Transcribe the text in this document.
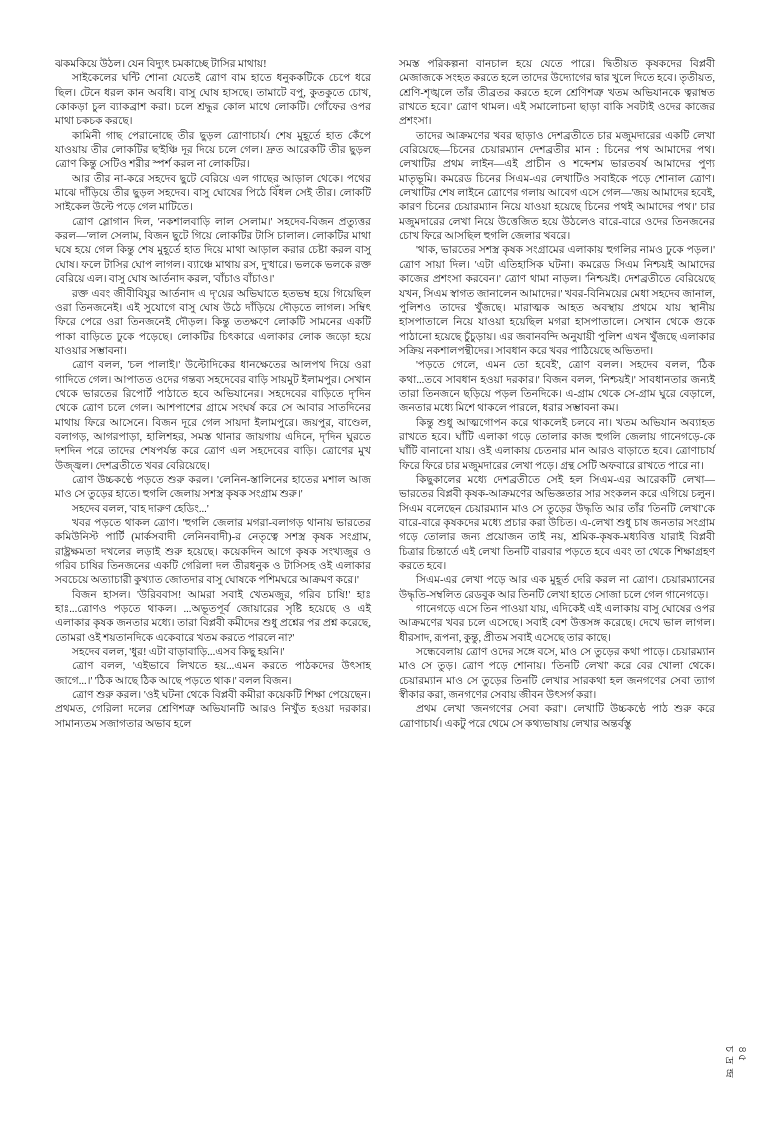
ঝকমকিয়ে উঠল। যেন বিদ্যুৎ চমকাচ্ছে টাসির মাথায়!

সাইকেলের ঘন্টি শোনা যেতেই ত্রোণ বাম হাতে ধনুককটিকে চেপে ধরে ছিল। টেনে ধরল কান অবধি। বাসু ঘোষ হাসছে। তামাটে বপু, কুতকুতে চোখ, কোকড়া চুল ব্যাকব্রাশ করা। চলে শ্রদ্ধুর কোল মাথে লোকটি। গোঁফের ওপর মাথা চকচক করছে।

কামিনী গাছ পেরানোছে তীর ছুড়ল ত্রোণাচার্য। শেষ মুহূর্তে হাত কেঁপে যাওয়ায় তীর লোকটির ছ'ইঞ্চি দূর দিয়ে চলে গেল। দ্রুত আরেকটি তীর ছুড়ল ত্রোণ কিন্তু সেটিও শরীর স্পর্শ করল না লোকটির।

আর তীর না-করে সহদেব ছুটে বেরিয়ে এল গাছের আড়াল থেকে। পথের মাঝে দাঁড়িয়ে তীর ছুড়ল সহদেব। বাসু ঘোষের পিঠে বিঁধল সেই তীর। লোকটি সাইকেল উল্টে পড়ে গেল মাটিতে।

ত্রোণ স্লোগান দিল, 'নকশালবাড়ি লাল সেলাম।' সহদেব-বিজন প্রত্যুত্তর করল—'লাল সেলাম, বিজন ছুটে গিয়ে লোকটির টাসি চালাল। লোকটির মাথা ঘষে হয়ে গেল কিন্তু শেষ মুহূর্তে হাত দিয়ে মাথা আড়াল করার চেষ্টা করল বাসু ঘোষ। ফলে টাসির ঘোপ লাগল। ব্যাঞ্চে মাথায় রস, দু'ধারে। ভলকে ভলকে রক্ত বেরিয়ে এল। বাসু ঘোষ আর্তনাদ করল, 'বাঁচাও বাঁচাও।'

রক্ত এবং জীবীবিযুর আর্তনাদ এ দৃ'য়ের অভিঘাতে হতভম্ব হয়ে গিয়েছিল ওরা তিনজনেই। এই সুযোগে বাসু ঘোষ উঠে দাঁড়িয়ে দৌড়তে লাগল। সম্বিৎ ফিরে পেরে ওরা তিনজনেই দৌড়ল। কিন্তু ততক্ষণে লোকটি সামনের একটি পাকা বাড়িতে ঢুকে পড়েছে। লোকটির চিৎকারে এলাকার লোক জড়ো হয়ে যাওয়ার সম্ভাবনা।

ত্রোণ বলল, 'চল পালাই।' উল্টোদিকের ধানক্ষেতের আলপথ দিয়ে ওরা গাদিতে গেল। আপাতত ওদের গন্তব্য সহদেবের বাড়ি সায়মুট ইলামপুর। সেখান থেকে ভারতের রিপোর্ট পাঠাতে হবে অভিযানের। সহদেবের বাড়িতে দৃ'দিন থেকে ত্রোণ চলে গেল। আশপাশের গ্রামে সংঘর্ষ করে সে আবার সাতদিনের মাথায় ফিরে আসেনে। বিজন দূরে গেল সায়দা ইলামপুরে। জয়পুর, বাণ্ডেল, বলাগড়, আগরপাড়া, হালিশহর, সমস্ত থানার জায়গায় এদিনে, দৃ'দিন ঘুরতে দশদিন পরে তাদের শেষপর্যন্ত করে ত্রোণ এল সহদেবের বাড়ি। ত্রোণের মুখ উজ্জ্বল। দেশব্রতীতে খবর বেরিয়েছে।

ত্রোণ উচ্চকণ্ঠে পড়তে শুরু করল। 'লেনিন-স্তালিনের হাতের মশাল আজ মাও সে তুড়ের হাতে। হুগলি জেলায় সশস্ত্র কৃষক সংগ্রাম শুরু।'

সহদেব বলল, 'বাহ দারুণ হেডিং...'

খবর পড়তে থাকল ত্রোণ। 'হুগলি জেলার মগরা-বলাগড় থানায় ভারতের কমিউনিস্ট পার্টি (মার্কসবাদী লেনিনবাদী)-র নেতৃত্বে সশস্ত্র কৃষক সংগ্রাম, রাষ্ট্রক্ষমতা দখলের লড়াই শুরু হয়েছে। কয়েকদিন আগে কৃষক সংখ্যজুর ও গরিব চাষির তিনজনের একটি গেরিলা দল তীরধনুক ও টাসিসহ ওই এলাকার সবচেয়ে অত্যাচারী কুখ্যাত জোতদার বাসু ঘোষকে পশিমঘরে আক্রমণ করে।'

বিজন হাসল। 'উরিববাস! আমরা সবাই খেতমজুর, গরিব চাষি!' হাঃ হাঃ...ত্রোণও পড়তে থাকল। ...অভূতপূর্ব জোয়ারের সৃষ্টি হয়েছে ও এই এলাকার কৃষক জনতার মধ্যে। তারা বিপ্লবী কমীদের শুধু প্রশ্নের পর প্রশ্ন করেছে, তোমরা ওই শয়তানদিকে একেবারে খতম করতে পারলে না?'

সহদেব বলল, 'ধুর! এটা বাড়াবাড়ি...এসব কিছু হয়নি।'

ত্রোণ বলল, 'এইভাবে লিখতে হয়...এমন করতে পাঠকদের উৎসাহ জাগে...।' 'ঠিক আছে ঠিক আছে পড়তে থাক।' বলল বিজন।

ত্রোণ শুরু করল। 'ওই ঘটনা থেকে বিপ্লবী কমীরা কয়েকটি শিক্ষা পেয়েছেন। প্রথমত, গেরিলা দলের শ্রেণিশত্রু অভিযানটি আরও নিখুঁত হওয়া দরকার। সামান্যতম সজাগতার অভাব হলে

সমস্ত পরিকল্পনা বানচাল হয়ে যেতে পারে। দ্বিতীয়ত কৃষকদের বিপ্লবী মেজাজকে সংহত করতে হলে তাদের উদ্যোগের দ্বার খুলে দিতে হবে। তৃতীয়ত, শ্রেণি-শৃঙ্খলে তাঁর তীব্রতর করতে হলে শ্রেণিশত্রু খতম অভিযানকে ত্বরাম্বত রাখতে হবে।' ত্রোণ থামল। এই সমালোচনা ছাড়া বাকি সবটাই ওদের কাজের প্রশংসা।

তাদের আক্রমণের খবর ছাড়াও দেশব্রতীতে চার মজুমদারের একটি লেখা বেরিয়েছে—চিনের চেয়ারম্যান দেশব্রতীর মান : চিনের পথ আমাদের পথ। লেখাটির প্রথম লাইন—এই প্রাচীন ও শব্দেশম ভারতবর্ষ আমাদের পুণ্য মাতৃভূমি। কমরেড চিনের সিএম-এর লেখাটিও সবাইকে পড়ে শোনাল ত্রোণ। লেখাটির শেষ লাইনে ত্রোণের গলায় আবেগ এসে গেল—'জয় আমাদের হবেই, কারণ চিনের চেয়ারম্যান নিয়ে যাওয়া হয়েছে চিনের পথই আমাদের পথ।' চার মজুমদারের লেখা নিয়ে উত্তেজিত হয়ে উঠলেও বারে-বারে ওদের তিনজনের চোখ ফিরে আসছিল হুগলি জেলার খবরে।

'থাক, ভারতের সশস্ত্র কৃষক সংগ্রামের এলাকায় হুগলির নামও ঢুকে পড়ল।' ত্রোণ সায়া দিল। 'এটা এতিহাসিক ঘটনা। কমরেড সিএম নিশ্চয়ই আমাদের কাজের প্রশংসা করবেন।' ত্রোণ থামা নাড়ল। 'নিশ্চয়ই। দেশব্রতীতে বেরিয়েছে যখন, সিএম স্বাগত জানালেন আমাদের।' খবর-বিনিময়ের মেধা সহদেব জানাল, পুলিশও তাদের খুঁজছে। মারাত্মক আহত অবস্থায় প্রথমে যায় স্থানীয় হাসপাতালে নিয়ে যাওয়া হয়েছিল মগরা হাসপাতালে। সেখান থেকে গুকে পাঠানো হয়েছে চুঁচুড়ায়। এর জবানবন্দি অনুযায়ী পুলিশ এখন খুঁজছে এলাকার সক্রিয় নকশালপন্থীদের। সাবধান করে খবর পাঠিয়েছে অভিতদা।

'পড়তে গেলে, এমন তো হবেই', ত্রোণ বলল। সহদেব বলল, 'ঠিক কথা...তবে সাবধান হওয়া দরকার।' বিজন বলল, 'নিশ্চয়ই।' সাবধানতার জন্যই তারা তিনজনে ছড়িয়ে পড়ল তিনদিকে। এ-গ্রাম থেকে সে-গ্রাম ঘুরে বেড়ালে, জনতার মধ্যে মিশে থাকলে পারলে, ধরার সম্ভাবনা কম।

কিন্তু শুধু আত্মগোপন করে থাকলেই চলবে না। খতম অভিযান অব্যাহত রাখতে হবে। ঘাঁটি এলাকা গড়ে তোলার কাজ হুগলি জেলায় গানেগড়ে-কে ঘাঁটি বানানো যায়। ওই এলাকায় চেতনার মান আরও বাড়াতে হবে। ত্রোণাচার্য ফিরে ফিরে চার মজুমদারের লেখা পড়ে। গ্রন্থ সেটি অফবারে রাখতে পারে না।

কিছুকালের মধ্যে দেশব্রতীতে সেই হল সিএম-এর আরেকটি লেখা—ভারতের বিপ্লবী কৃষক-আক্রমণের অভিজ্ঞতার সার সংকলন করে এগিয়ে চলুন। সিএম বলেছেন চেয়ারম্যান মাও সে তুড়ের উদ্ধৃতি আর তাঁর 'তিনটি লেখা'কে বারে-বারে কৃষকদের মধ্যে প্রচার করা উচিত। এ-লেখা শুধু চাষ জনতার সংগ্রাম গড়ে তোলার জন্য প্রয়োজন তাই নয়, শ্রমিক-কৃষক-মধ্যবিত্ত যারাই বিপ্লবী চিত্রার চিন্তার্তে এই লেখা তিনটি বারবার পড়তে হবে এবং তা থেকে শিক্ষাগ্রহণ করতে হবে।

সিএম-এর লেখা পড়ে আর এক মুহূর্ত দেরি করল না ত্রোণ। চেয়ারম্যানের উদ্ধৃতি-সম্বলিত রেডবুক আর তিনটি লেখা হাতে সোজা চলে গেল গানেগড়ে।

গানেগড়ে এসে তিন পাওয়া যায়, এদিকেই এই এলাকায় বাসু ঘোষের ওপর আক্রমণের খবর চলে এসেছে। সবাই বেশ উত্তসঙ্গ করেছে। দেখে ভাল লাগল। ধীরসাদ, রূপনা, কুন্তু, প্রীতম সবাই এসেছে তার কাছে।

সন্ধেবেলায় ত্রোণ ওদের সঙ্গে বসে, মাও সে তুড়ের কথা পাড়ে। চেয়ারম্যান মাও সে তুড়। ত্রোণ পড়ে শোনায়। 'তিনটি লেখা' করে বের খোলা থেকে। চেয়ারম্যান মাও সে তুড়ের তিনটি লেখার সারকথা হল জনগণের সেবা ত্যাগ স্বীকার করা, জনগণের সেবায় জীবন উৎসর্গ করা।

প্রথম লেখা 'জনগণের সেবা করা'। লেখাটি উচ্চকণ্ঠে পাঠ শুরু করে ত্রোণাচার্য। একটু পরে থেমে সে কথ্যভাষায় লেখার অন্তর্বস্তু

৪৫
চ দ্র ন্দ্র
